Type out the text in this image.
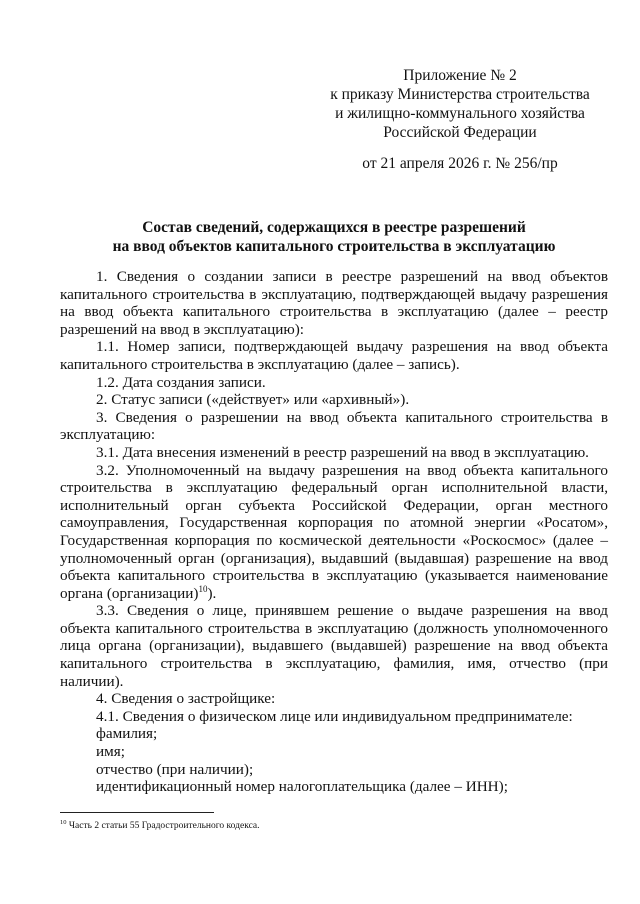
Приложение № 2
к приказу Министерства строительства
и жилищно-коммунального хозяйства
Российской Федерации
от 21 апреля 2026 г. № 256/пр
Состав сведений, содержащихся в реестре разрешений
на ввод объектов капитального строительства в эксплуатацию

1. Сведения о создании записи в реестре разрешений на ввод объектов капитального строительства в эксплуатацию, подтверждающей выдачу разрешения на ввод объекта капитального строительства в эксплуатацию (далее – реестр разрешений на ввод в эксплуатацию):

1.1. Номер записи, подтверждающей выдачу разрешения на ввод объекта капитального строительства в эксплуатацию (далее – запись).

1.2. Дата создания записи.

2. Статус записи («действует» или «архивный»).

3. Сведения о разрешении на ввод объекта капитального строительства в эксплуатацию:

3.1. Дата внесения изменений в реестр разрешений на ввод в эксплуатацию.

3.2. Уполномоченный на выдачу разрешения на ввод объекта капитального строительства в эксплуатацию федеральный орган исполнительной власти, исполнительный орган субъекта Российской Федерации, орган местного самоуправления, Государственная корпорация по атомной энергии «Росатом», Государственная корпорация по космической деятельности «Роскосмос» (далее – уполномоченный орган (организация), выдавший (выдавшая) разрешение на ввод объекта капитального строительства в эксплуатацию (указывается наименование органа (организации)$^{10}$).

3.3. Сведения о лице, принявшем решение о выдаче разрешения на ввод объекта капитального строительства в эксплуатацию (должность уполномоченного лица органа (организации), выдавшего (выдавшей) разрешение на ввод объекта капитального строительства в эксплуатацию, фамилия, имя, отчество (при наличии).

4. Сведения о застройщике:

4.1. Сведения о физическом лице или индивидуальном предпринимателе:

фамилия;

имя;

отчество (при наличии);

идентификационный номер налогоплательщика (далее – ИНН);

$^{10}$ Часть 2 статьи 55 Градостроительного кодекса.
